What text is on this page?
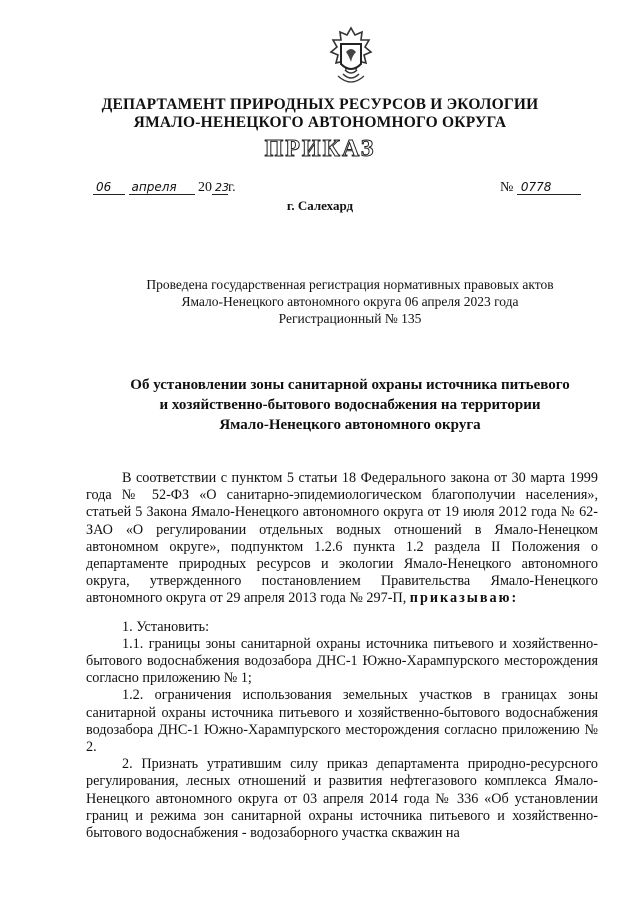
ДЕПАРТАМЕНТ ПРИРОДНЫХ РЕСУРСОВ И ЭКОЛОГИИ
ЯМАЛО-НЕНЕЦКОГО АВТОНОМНОГО ОКРУГА
ПРИКАЗ
06 апреля 20 23г.	№ 0778
г. Салехард
Проведена государственная регистрация нормативных правовых актов
Ямало-Ненецкого автономного округа 06 апреля 2023 года
Регистрационный № 135
Об установлении зоны санитарной охраны источника питьевого
и хозяйственно-бытового водоснабжения на территории
Ямало-Ненецкого автономного округа

В соответствии с пунктом 5 статьи 18 Федерального закона от 30 марта 1999 года № 52-ФЗ «О санитарно-эпидемиологическом благополучии населения», статьей 5 Закона Ямало-Ненецкого автономного округа от 19 июля 2012 года № 62-ЗАО «О регулировании отдельных водных отношений в Ямало-Ненецком автономном округе», подпунктом 1.2.6 пункта 1.2 раздела II Положения о департаменте природных ресурсов и экологии Ямало-Ненецкого автономного округа, утвержденного постановлением Правительства Ямало-Ненецкого автономного округа от 29 апреля 2013 года № 297-П, приказываю:

1. Установить:

1.1. границы зоны санитарной охраны источника питьевого и хозяйственно-бытового водоснабжения водозабора ДНС-1 Южно-Харампурского месторождения согласно приложению № 1;

1.2. ограничения использования земельных участков в границах зоны санитарной охраны источника питьевого и хозяйственно-бытового водоснабжения водозабора ДНС-1 Южно-Харампурского месторождения согласно приложению № 2.

2. Признать утратившим силу приказ департамента природно-ресурсного регулирования, лесных отношений и развития нефтегазового комплекса Ямало-Ненецкого автономного округа от 03 апреля 2014 года № 336 «Об установлении границ и режима зон санитарной охраны источника питьевого и хозяйственно-бытового водоснабжения - водозаборного участка скважин на
